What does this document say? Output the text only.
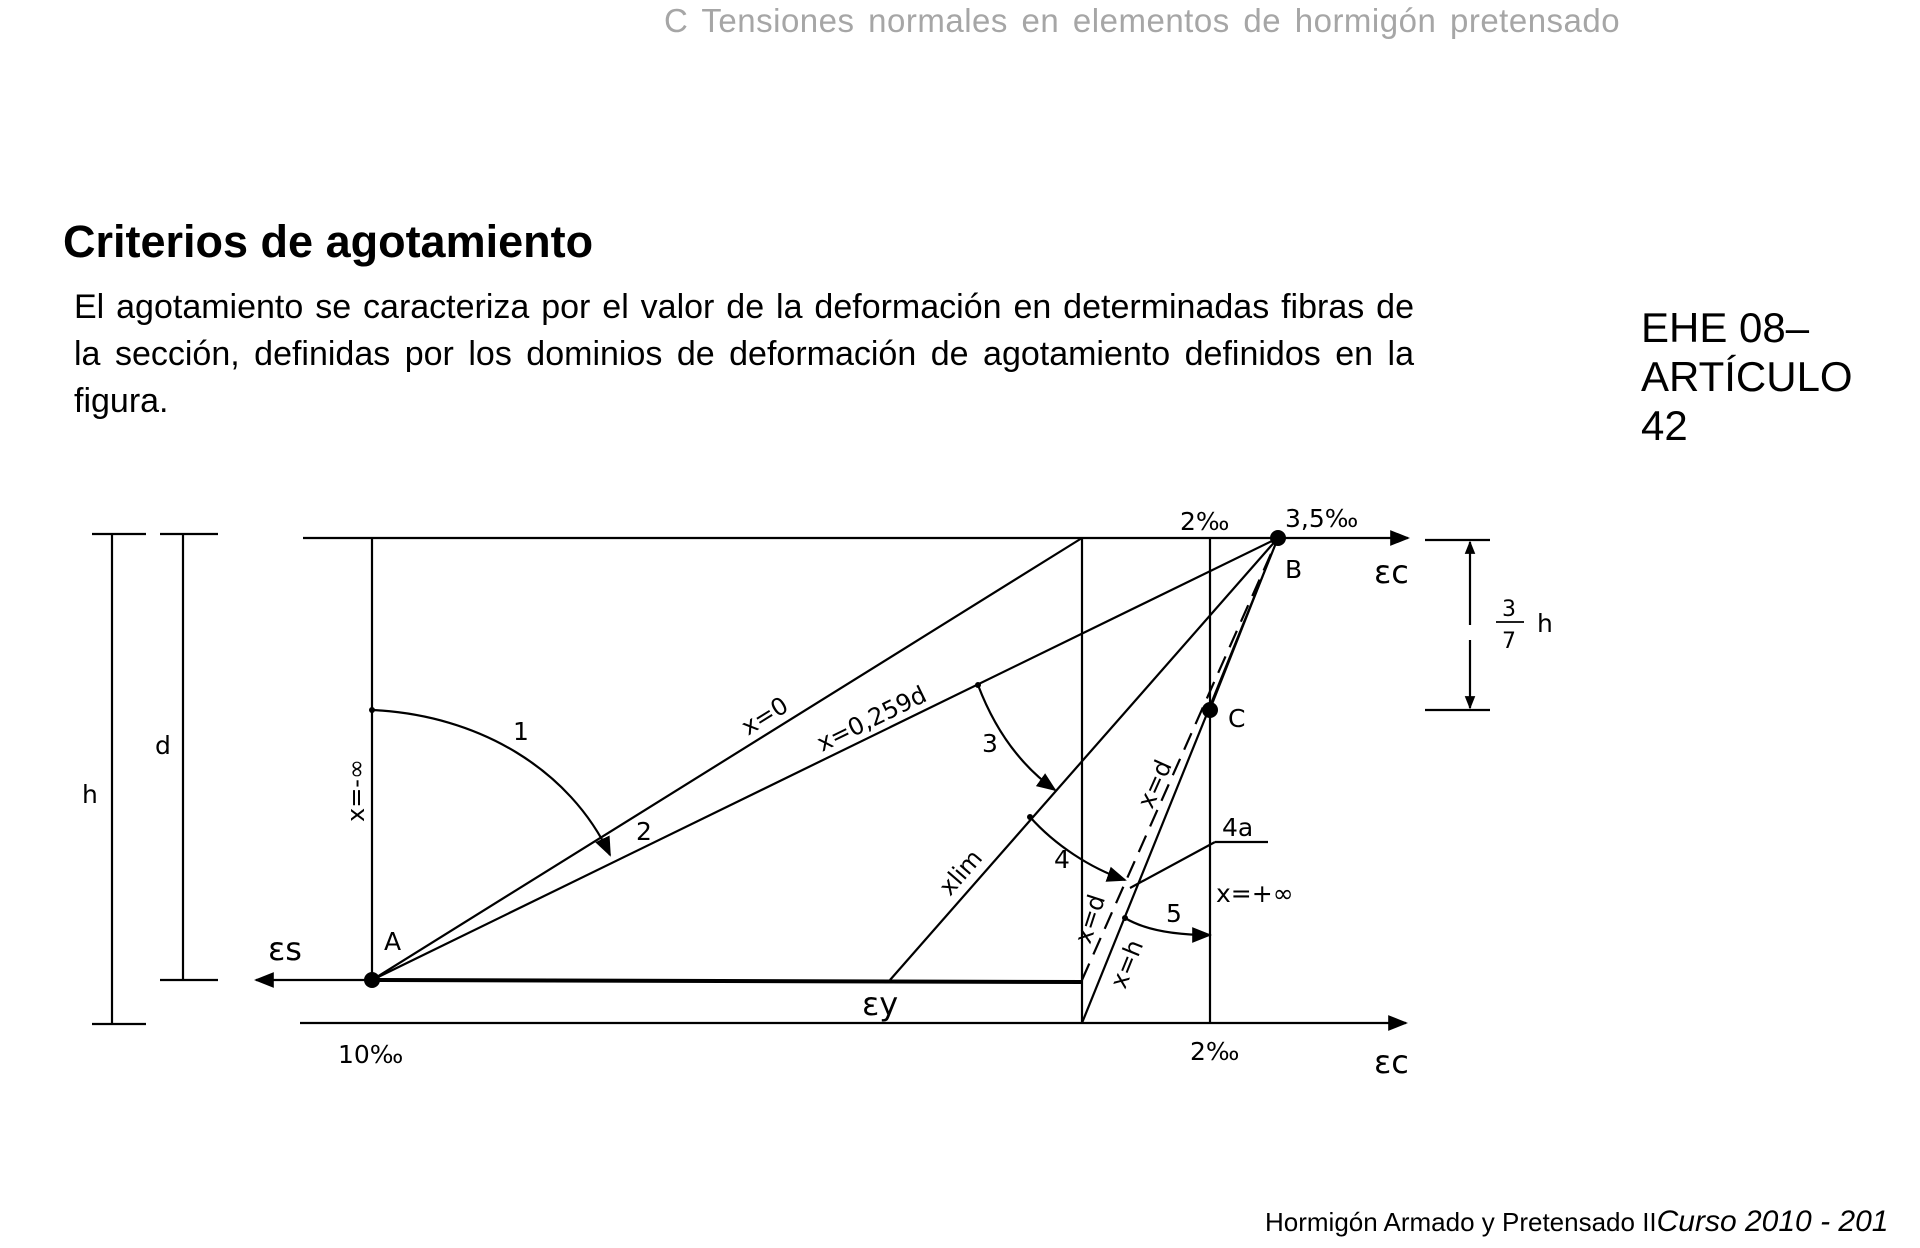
C Tensiones normales en elementos de hormigón pretensado
Criterios de agotamiento
El agotamiento se caracteriza por el valor de la deformación en determinadas fibras de la sección, definidas por los dominios de deformación de agotamiento definidos en la figura.
EHE 08–
ARTÍCULO
42
2‰ 3,5‰
B
C
A
10‰	2‰
h
d
x=+∞
1
2
3
4
4a
5
h
3
7
εc
εc
εs
εy
x=-∞
x=0 x=0,259d
xlim
x=d
x=d
x=h
Hormigón Armado y Pretensado IICurso 2010 - 201
